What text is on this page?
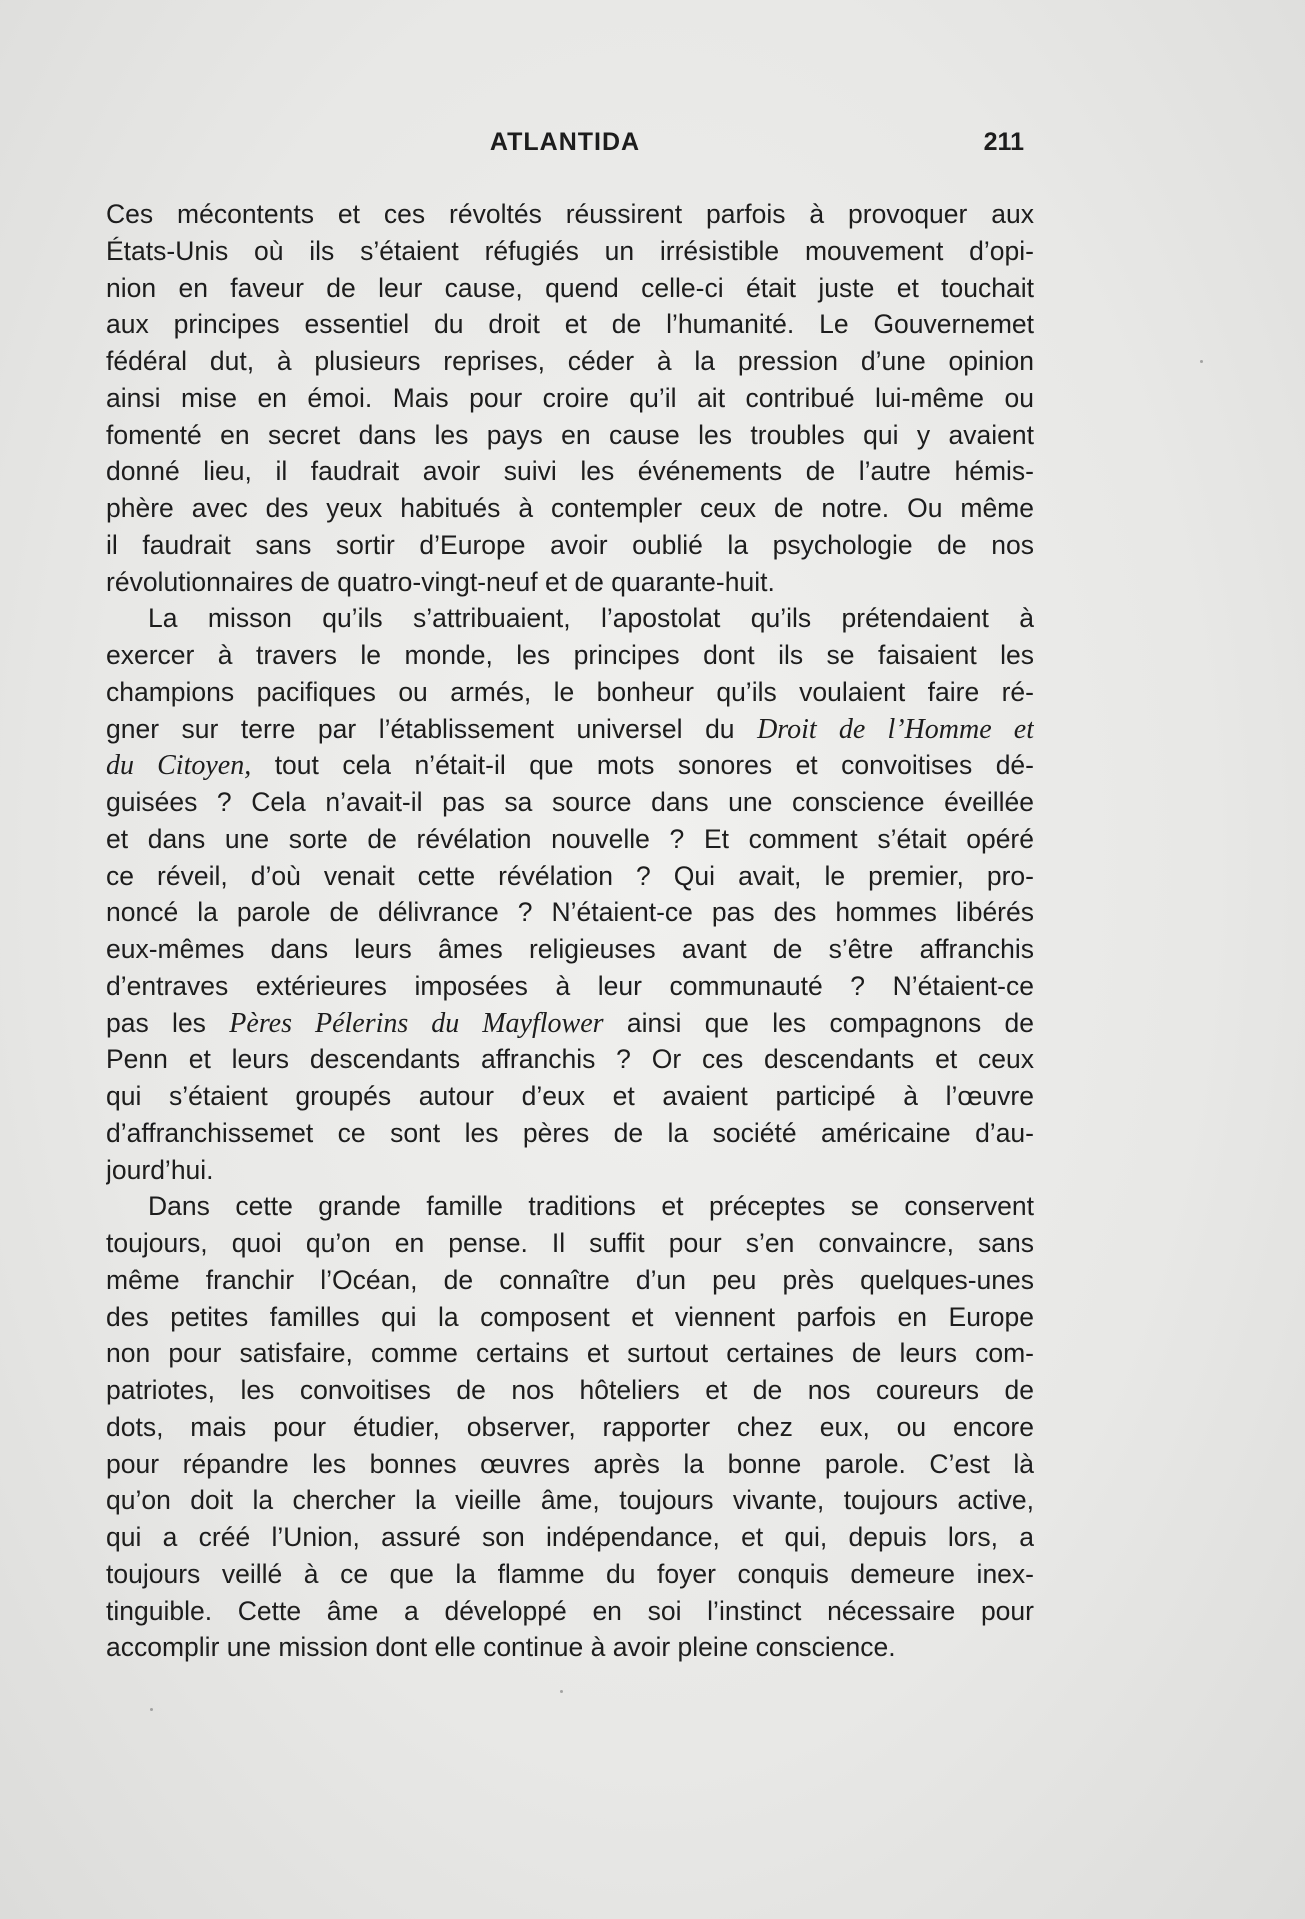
ATLANTIDA	211
Ces mécontents et ces révoltés réussirent parfois à provoquer aux
États-Unis où ils s’étaient réfugiés un irrésistible mouvement d’opi-
nion en faveur de leur cause, quend celle-ci était juste et touchait
aux principes essentiel du droit et de l’humanité. Le Gouvernemet
fédéral dut, à plusieurs reprises, céder à la pression d’une opinion
ainsi mise en émoi. Mais pour croire qu’il ait contribué lui-même ou
fomenté en secret dans les pays en cause les troubles qui y avaient
donné lieu, il faudrait avoir suivi les événements de l’autre hémis-
phère avec des yeux habitués à contempler ceux de notre. Ou même
il faudrait sans sortir d’Europe avoir oublié la psychologie de nos
révolutionnaires de quatro-vingt-neuf et de quarante-huit.
La misson qu’ils s’attribuaient, l’apostolat qu’ils prétendaient à
exercer à travers le monde, les principes dont ils se faisaient les
champions pacifiques ou armés, le bonheur qu’ils voulaient faire ré-
gner sur terre par l’établissement universel du Droit de l’Homme et
du Citoyen, tout cela n’était-il que mots sonores et convoitises dé-
guisées ? Cela n’avait-il pas sa source dans une conscience éveillée
et dans une sorte de révélation nouvelle ? Et comment s’était opéré
ce réveil, d’où venait cette révélation ? Qui avait, le premier, pro-
noncé la parole de délivrance ? N’étaient-ce pas des hommes libérés
eux-mêmes dans leurs âmes religieuses avant de s’être affranchis
d’entraves extérieures imposées à leur communauté ? N’étaient-ce
pas les Pères Pélerins du Mayflower ainsi que les compagnons de
Penn et leurs descendants affranchis ? Or ces descendants et ceux
qui s’étaient groupés autour d’eux et avaient participé à l’œuvre
d’affranchissemet ce sont les pères de la société américaine d’au-
jourd’hui.
Dans cette grande famille traditions et préceptes se conservent
toujours, quoi qu’on en pense. Il suffit pour s’en convaincre, sans
même franchir l’Océan, de connaître d’un peu près quelques-unes
des petites familles qui la composent et viennent parfois en Europe
non pour satisfaire, comme certains et surtout certaines de leurs com-
patriotes, les convoitises de nos hôteliers et de nos coureurs de
dots, mais pour étudier, observer, rapporter chez eux, ou encore
pour répandre les bonnes œuvres après la bonne parole. C’est là
qu’on doit la chercher la vieille âme, toujours vivante, toujours active,
qui a créé l’Union, assuré son indépendance, et qui, depuis lors, a
toujours veillé à ce que la flamme du foyer conquis demeure inex-
tinguible. Cette âme a développé en soi l’instinct nécessaire pour
accomplir une mission dont elle continue à avoir pleine conscience.
